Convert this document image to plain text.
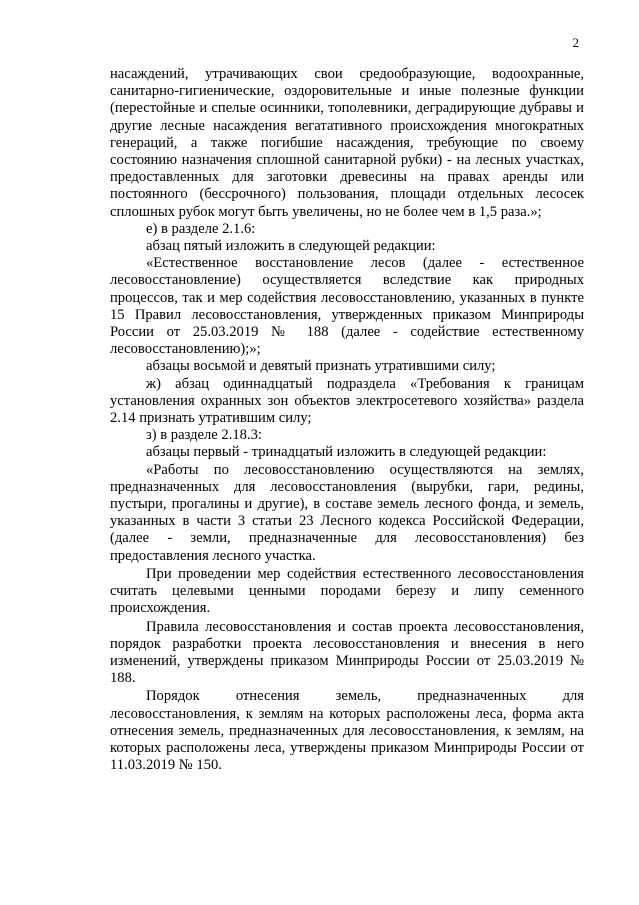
2

насаждений, утрачивающих свои средообразующие, водоохранные, санитарно-гигиенические, оздоровительные и иные полезные функции (перестойные и спелые осинники, тополевники, деградирующие дубравы и другие лесные насаждения вегатативного происхождения многократных генераций, а также погибшие насаждения, требующие по своему состоянию назначения сплошной санитарной рубки) - на лесных участках, предоставленных для заготовки древесины на правах аренды или постоянного (бессрочного) пользования, площади отдельных лесосек сплошных рубок могут быть увеличены, но не более чем в 1,5 раза.»;

е) в разделе 2.1.6:

абзац пятый изложить в следующей редакции:

«Естественное восстановление лесов (далее - естественное лесовосстановление) осуществляется вследствие как природных процессов, так и мер содействия лесовосстановлению, указанных в пункте 15 Правил лесовосстановления, утвержденных приказом Минприроды России от 25.03.2019 № 188 (далее - содействие естественному лесовосстановлению);»;

абзацы восьмой и девятый признать утратившими силу;

ж) абзац одиннадцатый подраздела «Требования к границам установления охранных зон объектов электросетевого хозяйства» раздела 2.14 признать утратившим силу;

з) в разделе 2.18.3:

абзацы первый - тринадцатый изложить в следующей редакции:

«Работы по лесовосстановлению осуществляются на землях, предназначенных для лесовосстановления (вырубки, гари, редины, пустыри, прогалины и другие), в составе земель лесного фонда, и земель, указанных в части 3 статьи 23 Лесного кодекса Российской Федерации, (далее - земли, предназначенные для лесовосстановления) без предоставления лесного участка.

При проведении мер содействия естественного лесовосстановления считать целевыми ценными породами березу и липу семенного происхождения.

Правила лесовосстановления и состав проекта лесовосстановления, порядок разработки проекта лесовосстановления и внесения в него изменений, утверждены приказом Минприроды России от 25.03.2019 № 188.

Порядок отнесения земель, предназначенных для лесовосстановления, к землям на которых расположены леса, форма акта отнесения земель, предназначенных для лесовосстановления, к землям, на которых расположены леса, утверждены приказом Минприроды России от 11.03.2019 № 150.
